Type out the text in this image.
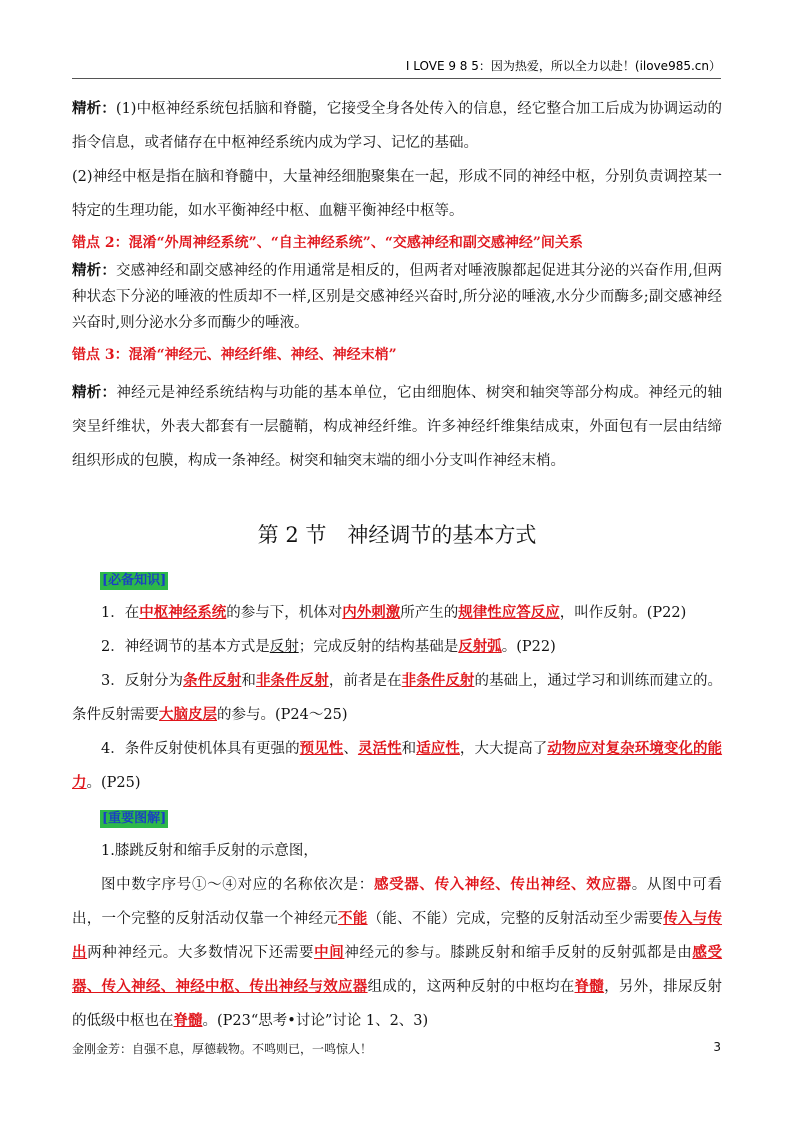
I LOVE 9 8 5：因为热爱，所以全力以赴！(ilove985.cn）

精析：(1)中枢神经系统包括脑和脊髓，它接受全身各处传入的信息，经它整合加工后成为协调运动的指令信息，或者储存在中枢神经系统内成为学习、记忆的基础。

(2)神经中枢是指在脑和脊髓中，大量神经细胞聚集在一起，形成不同的神经中枢，分别负责调控某一特定的生理功能，如水平衡神经中枢、血糖平衡神经中枢等。

错点 2：混淆“外周神经系统”、“自主神经系统”、“交感神经和副交感神经”间关系

精析：交感神经和副交感神经的作用通常是相反的，但两者对唾液腺都起促进其分泌的兴奋作用,但两种状态下分泌的唾液的性质却不一样,区别是交感神经兴奋时,所分泌的唾液,水分少而酶多;副交感神经兴奋时,则分泌水分多而酶少的唾液。

错点 3：混淆“神经元、神经纤维、神经、神经末梢”

精析：神经元是神经系统结构与功能的基本单位，它由细胞体、树突和轴突等部分构成。神经元的轴突呈纤维状，外表大都套有一层髓鞘，构成神经纤维。许多神经纤维集结成束，外面包有一层由结缔组织形成的包膜，构成一条神经。树突和轴突末端的细小分支叫作神经末梢。

第 2 节　神经调节的基本方式

[必备知识]

1．在中枢神经系统的参与下，机体对内外刺激所产生的规律性应答反应，叫作反射。(P22)

2．神经调节的基本方式是反射；完成反射的结构基础是反射弧。(P22)

3．反射分为条件反射和非条件反射，前者是在非条件反射的基础上，通过学习和训练而建立的。条件反射需要大脑皮层的参与。(P24～25)

4．条件反射使机体具有更强的预见性、灵活性和适应性，大大提高了动物应对复杂环境变化的能力。(P25)

[重要图解]

1.膝跳反射和缩手反射的示意图，

图中数字序号①～④对应的名称依次是：感受器、传入神经、传出神经、效应器。从图中可看出，一个完整的反射活动仅靠一个神经元不能（能、不能）完成，完整的反射活动至少需要传入与传出两种神经元。大多数情况下还需要中间神经元的参与。膝跳反射和缩手反射的反射弧都是由感受器、传入神经、神经中枢、传出神经与效应器组成的，这两种反射的中枢均在脊髓，另外，排尿反射的低级中枢也在脊髓。(P23“思考•讨论”讨论 1、2、3)

金刚金芳：自强不息，厚德载物。不鸣则已，一鸣惊人！	3
